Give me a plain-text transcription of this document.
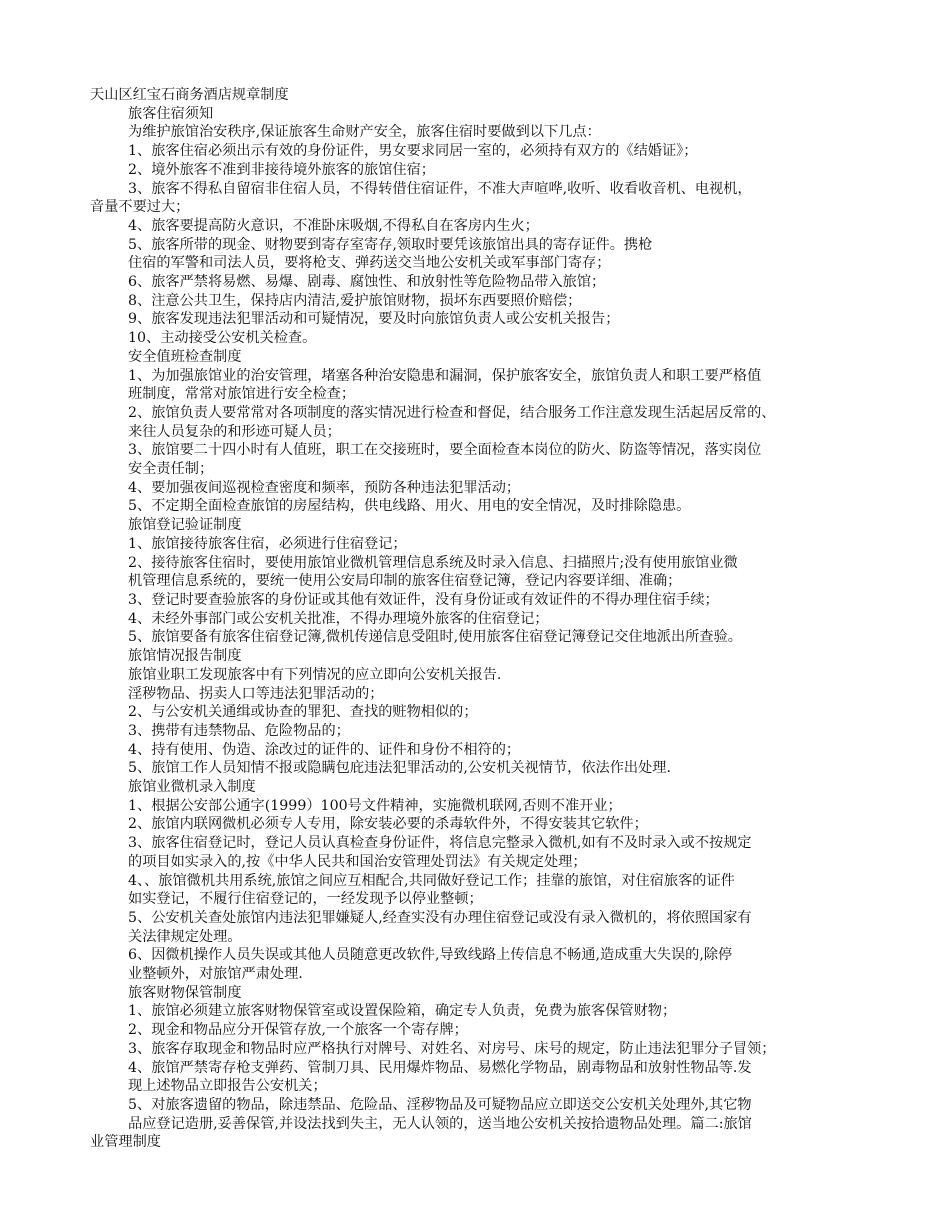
天山区红宝石商务酒店规章制度
旅客住宿须知
为维护旅馆治安秩序,保证旅客生命财产安全，旅客住宿时要做到以下几点：
1、旅客住宿必须出示有效的身份证件，男女要求同居一室的，必须持有双方的《结婚证》；
2、境外旅客不准到非接待境外旅客的旅馆住宿；
3、旅客不得私自留宿非住宿人员，不得转借住宿证件，不准大声喧哗,收听、收看收音机、电视机，
音量不要过大；
4、旅客要提高防火意识，不准卧床吸烟,不得私自在客房内生火；
5、旅客所带的现金、财物要到寄存室寄存,领取时要凭该旅馆出具的寄存证件。携枪
住宿的军警和司法人员，要将枪支、弹药送交当地公安机关或军事部门寄存；
6、旅客严禁将易燃、易爆、剧毒、腐蚀性、和放射性等危险物品带入旅馆；
8、注意公共卫生，保持店内清洁,爱护旅馆财物，损坏东西要照价赔偿；
9、旅客发现违法犯罪活动和可疑情况，要及时向旅馆负责人或公安机关报告；
10、主动接受公安机关检查。
安全值班检查制度
1、为加强旅馆业的治安管理，堵塞各种治安隐患和漏洞，保护旅客安全，旅馆负责人和职工要严格值
班制度，常常对旅馆进行安全检查；
2、旅馆负责人要常常对各项制度的落实情况进行检查和督促，结合服务工作注意发现生活起居反常的、
来往人员复杂的和形迹可疑人员；
3、旅馆要二十四小时有人值班，职工在交接班时，要全面检查本岗位的防火、防盗等情况，落实岗位
安全责任制；
4、要加强夜间巡视检查密度和频率，预防各种违法犯罪活动；
5、不定期全面检查旅馆的房屋结构，供电线路、用火、用电的安全情况，及时排除隐患。
旅馆登记验证制度
1、旅馆接待旅客住宿，必须进行住宿登记；
2、接待旅客住宿时，要使用旅馆业微机管理信息系统及时录入信息、扫描照片;没有使用旅馆业微
机管理信息系统的，要统一使用公安局印制的旅客住宿登记簿，登记内容要详细、准确；
3、登记时要查验旅客的身份证或其他有效证件，没有身份证或有效证件的不得办理住宿手续；
4、未经外事部门或公安机关批准，不得办理境外旅客的住宿登记；
5、旅馆要备有旅客住宿登记簿,微机传递信息受阻时,使用旅客住宿登记簿登记交住地派出所查验。
旅馆情况报告制度
旅馆业职工发现旅客中有下列情况的应立即向公安机关报告.
淫秽物品、拐卖人口等违法犯罪活动的；
2、与公安机关通缉或协查的罪犯、查找的赃物相似的；
3、携带有违禁物品、危险物品的；
4、持有使用、伪造、涂改过的证件的、证件和身份不相符的；
5、旅馆工作人员知情不报或隐瞒包庇违法犯罪活动的,公安机关视情节，依法作出处理.
旅馆业微机录入制度
1、根据公安部公通字(1999）100号文件精神，实施微机联网,否则不准开业；
2、旅馆内联网微机必须专人专用，除安装必要的杀毒软件外，不得安装其它软件；
3、旅客住宿登记时，登记人员认真检查身份证件，将信息完整录入微机,如有不及时录入或不按规定
的项目如实录入的,按《中华人民共和国治安管理处罚法》有关规定处理；
4、、旅馆微机共用系统,旅馆之间应互相配合,共同做好登记工作；挂靠的旅馆，对住宿旅客的证件
如实登记，不履行住宿登记的，一经发现予以停业整顿；
5、公安机关查处旅馆内违法犯罪嫌疑人,经查实没有办理住宿登记或没有录入微机的，将依照国家有
关法律规定处理。
6、因微机操作人员失误或其他人员随意更改软件,导致线路上传信息不畅通,造成重大失误的,除停
业整顿外，对旅馆严肃处理.
旅客财物保管制度
1、旅馆必须建立旅客财物保管室或设置保险箱，确定专人负责，免费为旅客保管财物；
2、现金和物品应分开保管存放,一个旅客一个寄存牌；
3、旅客存取现金和物品时应严格执行对牌号、对姓名、对房号、床号的规定，防止违法犯罪分子冒领；
4、旅馆严禁寄存枪支弹药、管制刀具、民用爆炸物品、易燃化学物品，剧毒物品和放射性物品等.发
现上述物品立即报告公安机关；
5、对旅客遗留的物品，除违禁品、危险品、淫秽物品及可疑物品应立即送交公安机关处理外,其它物
品应登记造册,妥善保管,并设法找到失主，无人认领的，送当地公安机关按拾遗物品处理。篇二:旅馆
业管理制度
